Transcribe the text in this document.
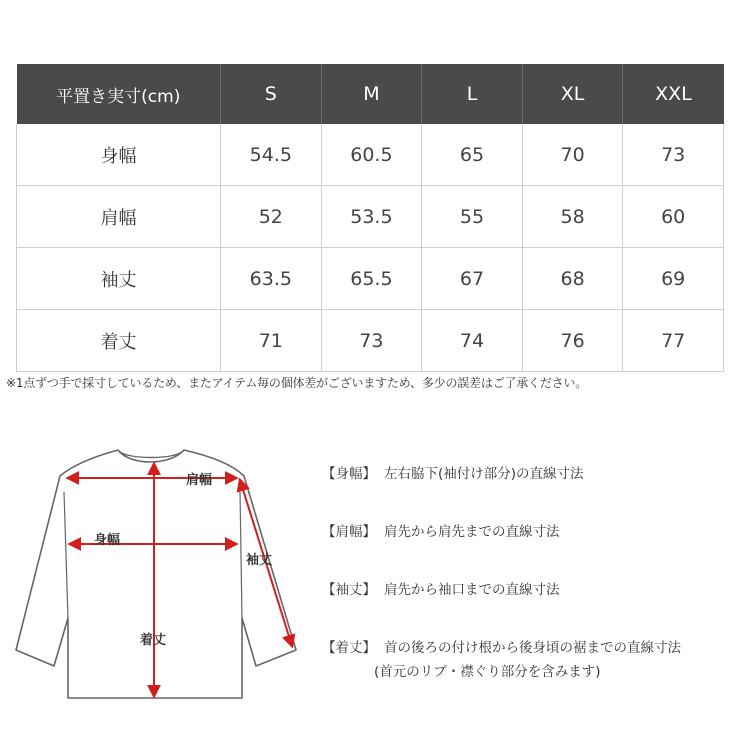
平置き実寸(cm)	S	M	L	XL	XXL
身幅	54.5	60.5	65	70	73
肩幅	52	53.5	55	58	60
袖丈	63.5	65.5	67	68	69
着丈	71	73	74	76	77
※1点ずつ手で採寸しているため、またアイテム毎の個体差がございますため、多少の誤差はご了承ください。
肩幅
身幅
袖丈
着丈
【身幅】 左右脇下(袖付け部分)の直線寸法
【肩幅】 肩先から肩先までの直線寸法
【袖丈】 肩先から袖口までの直線寸法
【着丈】 首の後ろの付け根から後身頃の裾までの直線寸法
(首元のリブ・襟ぐり部分を含みます)
